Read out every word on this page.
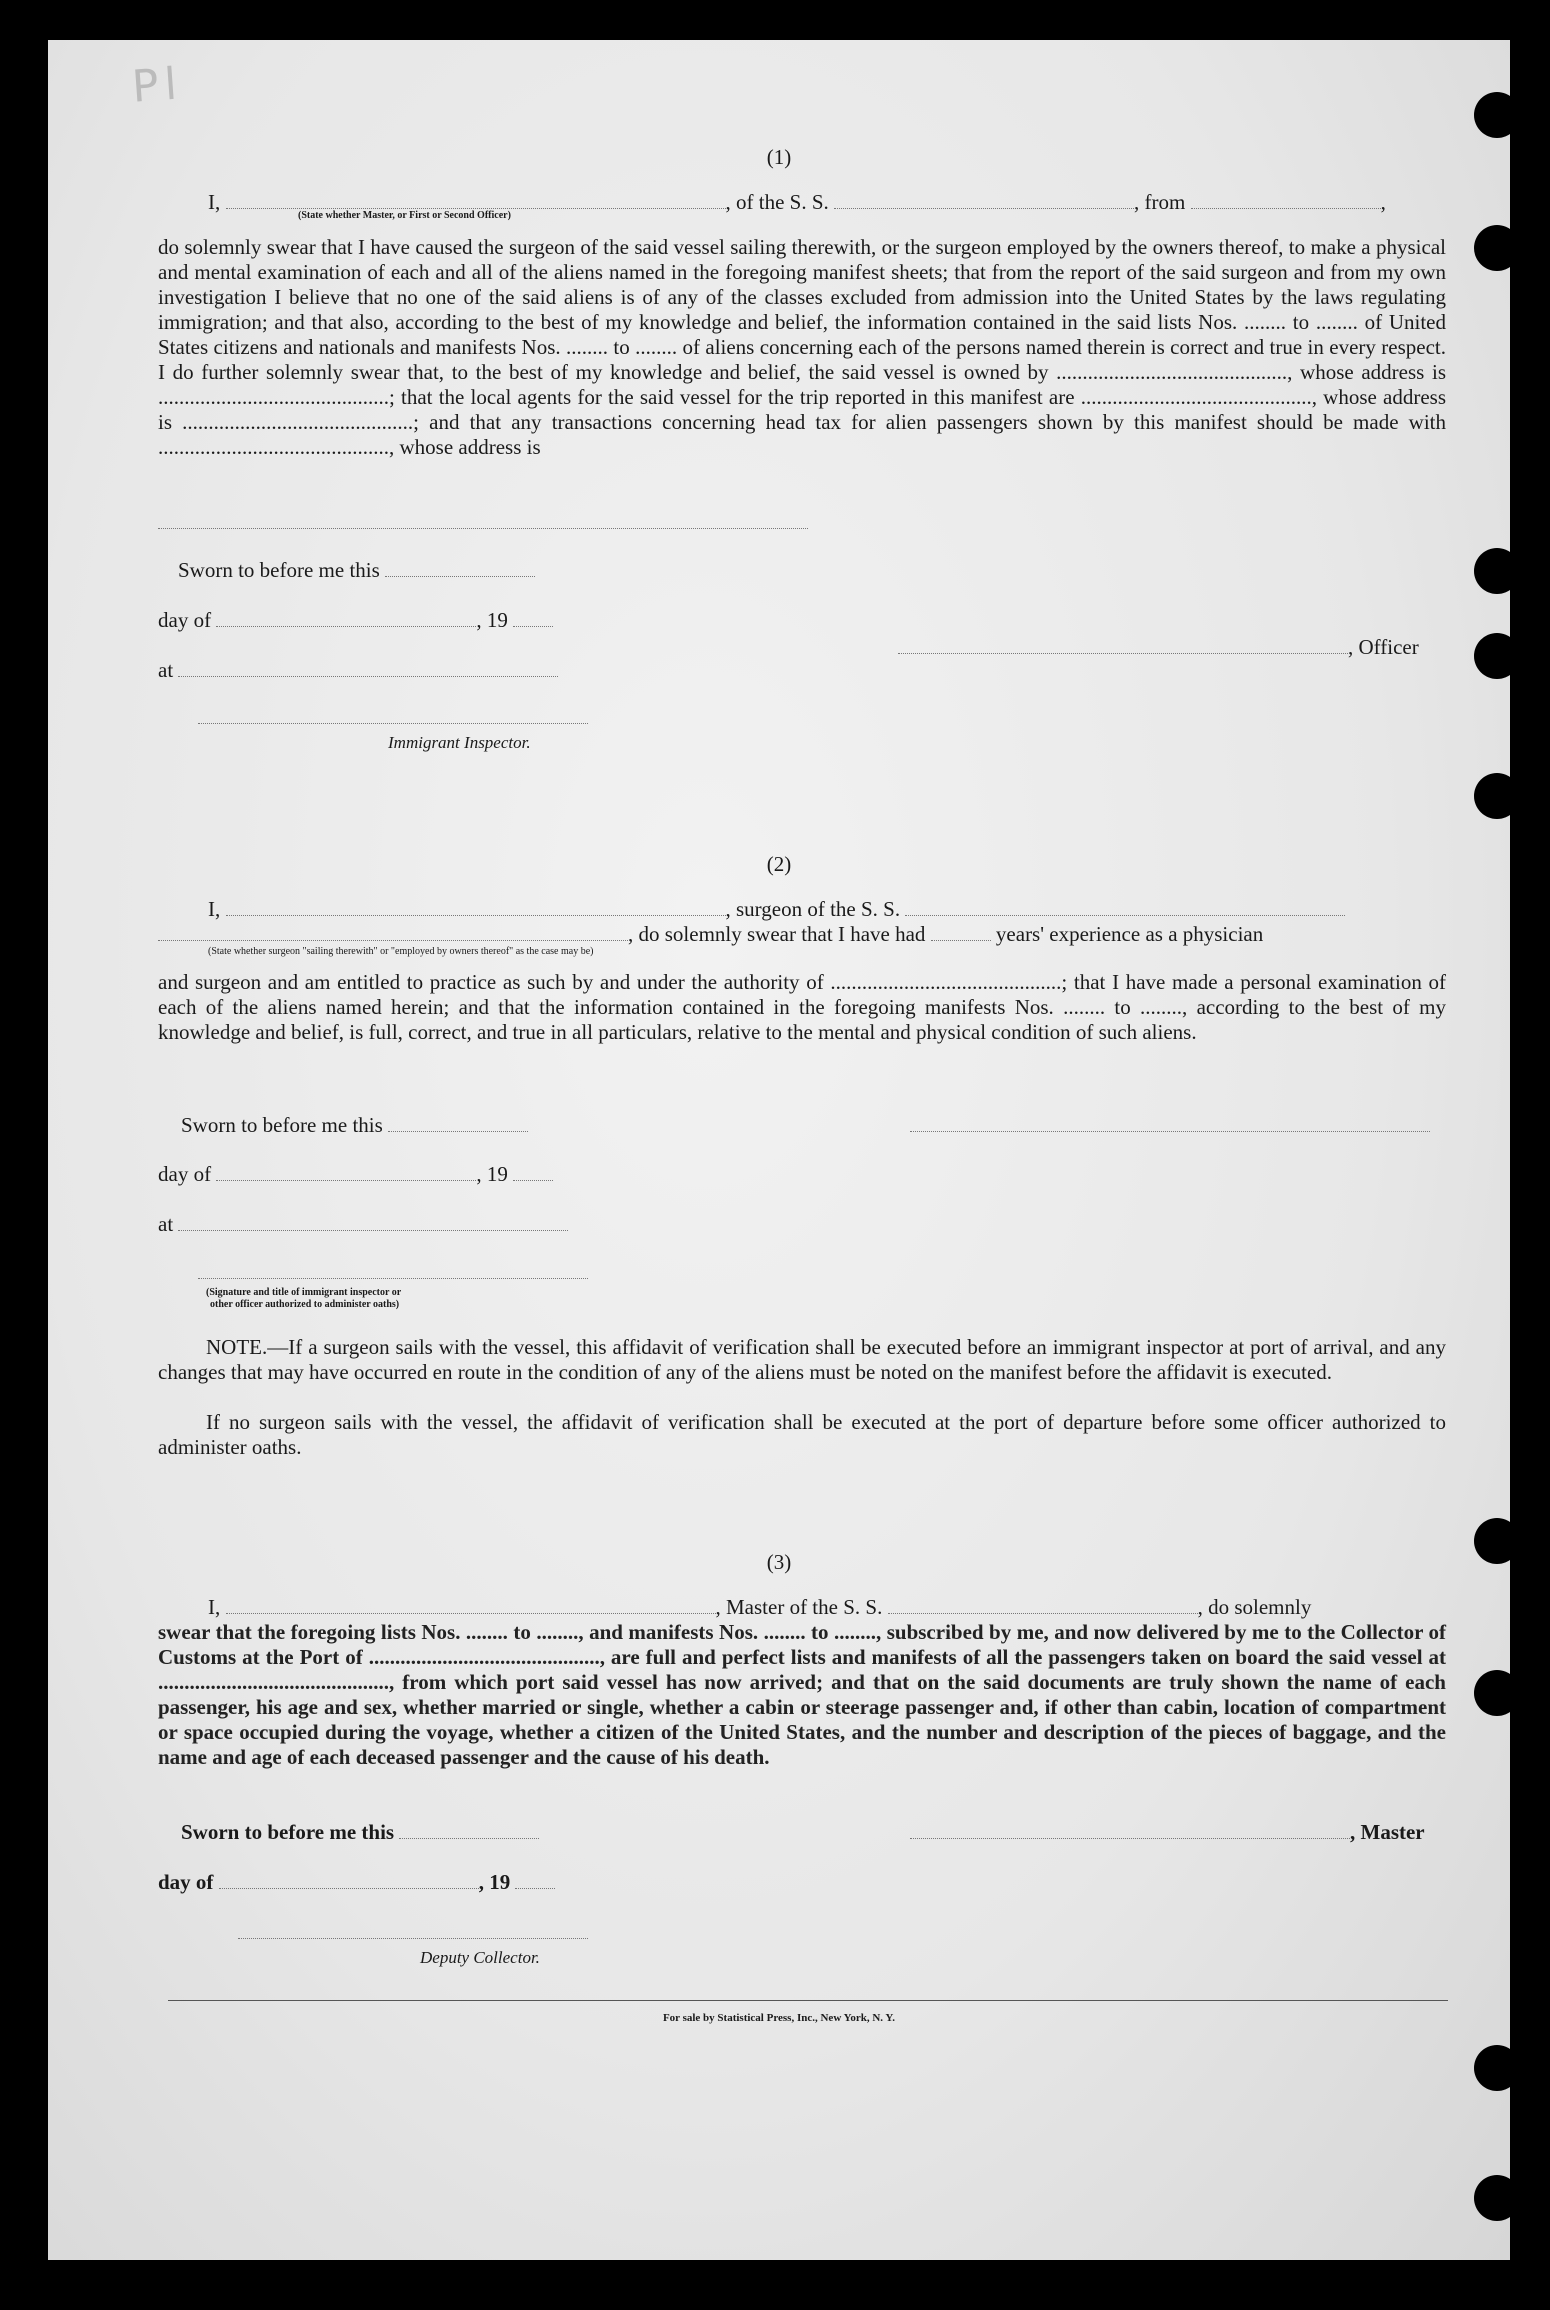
Pl
(1)
I,	, of the S. S.	, from	,
(State whether Master, or First or Second Officer)
do solemnly swear that I have caused the surgeon of the said vessel sailing therewith, or the surgeon employed by the owners thereof, to make a physical and mental examination of each and all of the aliens named in the foregoing manifest sheets; that from the report of the said surgeon and from my own investigation I believe that no one of the said aliens is of any of the classes excluded from admission into the United States by the laws regulating immigration; and that also, according to the best of my knowledge and belief, the information contained in the said lists Nos. ........ to ........ of United States citizens and nationals and manifests Nos. ........ to ........ of aliens concerning each of the persons named therein is correct and true in every respect. I do further solemnly swear that, to the best of my knowledge and belief, the said vessel is owned by ............................................, whose address is ............................................; that the local agents for the said vessel for the trip reported in this manifest are ............................................, whose address is ............................................; and that any transactions concerning head tax for alien passengers shown by this manifest should be made with ............................................, whose address is
Sworn to before me this
day of	, 19
, Officer
at
Immigrant Inspector.
(2)
I,	, surgeon of the S. S.
, do solemnly swear that I have had	years' experience as a physician
(State whether surgeon "sailing therewith" or "employed by owners thereof" as the case may be)
and surgeon and am entitled to practice as such by and under the authority of ............................................; that I have made a personal examination of each of the aliens named herein; and that the information contained in the foregoing manifests Nos. ........ to ........, according to the best of my knowledge and belief, is full, correct, and true in all particulars, relative to the mental and physical condition of such aliens.
Sworn to before me this
day of	, 19
at
(Signature and title of immigrant inspector or
other officer authorized to administer oaths)
NOTE.—If a surgeon sails with the vessel, this affidavit of verification shall be executed before an immigrant inspector at port of arrival, and any changes that may have occurred en route in the condition of any of the aliens must be noted on the manifest before the affidavit is executed.
If no surgeon sails with the vessel, the affidavit of verification shall be executed at the port of departure before some officer authorized to administer oaths.
(3)
I,	, Master of the S. S.	, do solemnly
swear that the foregoing lists Nos. ........ to ........, and manifests Nos. ........ to ........, subscribed by me, and now delivered by me to the Collector of Customs at the Port of ............................................, are full and perfect lists and manifests of all the passengers taken on board the said vessel at ............................................, from which port said vessel has now arrived; and that on the said documents are truly shown the name of each passenger, his age and sex, whether married or single, whether a cabin or steerage passenger and, if other than cabin, location of compartment or space occupied during the voyage, whether a citizen of the United States, and the number and description of the pieces of baggage, and the name and age of each deceased passenger and the cause of his death.
Sworn to before me this	, Master
day of	, 19
Deputy Collector.
For sale by Statistical Press, Inc., New York, N. Y.
